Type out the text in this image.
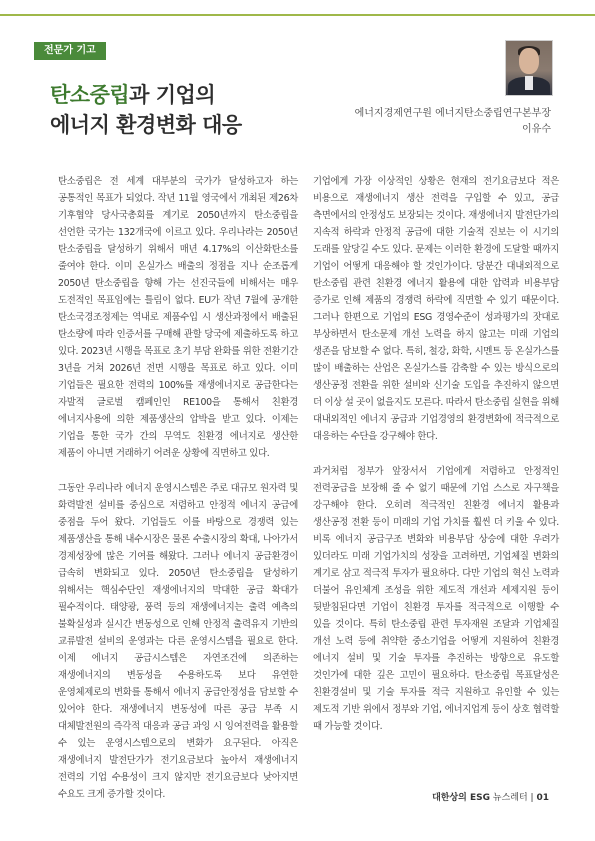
전문가 기고
탄소중립과 기업의
에너지 환경변화 대응	에너지경제연구원 에너지탄소중립연구본부장

이유수

탄소중립은 전 세계 대부분의 국가가 달성하고자 하는 공통적인 목표가 되었다. 작년 11월 영국에서 개최된 제26차 기후협약 당사국총회를 계기로 2050년까지 탄소중립을 선언한 국가는 132개국에 이르고 있다. 우리나라는 2050년 탄소중립을 달성하기 위해서 매년 4.17%의 이산화탄소를 줄여야 한다. 이미 온실가스 배출의 정점을 지나 순조롭게 2050년 탄소중립을 향해 가는 선진국들에 비해서는 매우 도전적인 목표임에는 틀림이 없다. EU가 작년 7월에 공개한 탄소국경조정제는 역내로 제품수입 시 생산과정에서 배출된 탄소량에 따라 인증서를 구매해 관할 당국에 제출하도록 하고 있다. 2023년 시행을 목표로 초기 부담 완화를 위한 전환기간 3년을 거쳐 2026년 전면 시행을 목표로 하고 있다. 이미 기업들은 필요한 전력의 100%를 재생에너지로 공급한다는 자발적 글로벌 캠페인인 RE100을 통해서 친환경 에너지사용에 의한 제품생산의 압박을 받고 있다. 이제는 기업을 통한 국가 간의 무역도 친환경 에너지로 생산한 제품이 아니면 거래하기 어려운 상황에 직면하고 있다.

그동안 우리나라 에너지 운영시스템은 주로 대규모 원자력 및 화력발전 설비를 중심으로 저렴하고 안정적 에너지 공급에 중점을 두어 왔다. 기업들도 이를 바탕으로 경쟁력 있는 제품생산을 통해 내수시장은 물론 수출시장의 확대, 나아가서 경제성장에 많은 기여를 해왔다. 그러나 에너지 공급환경이 급속히 변화되고 있다. 2050년 탄소중립을 달성하기 위해서는 핵심수단인 재생에너지의 막대한 공급 확대가 필수적이다. 태양광, 풍력 등의 재생에너지는 출력 예측의 불확실성과 실시간 변동성으로 인해 안정적 출력유지 기반의 교류발전 설비의 운영과는 다른 운영시스템을 필요로 한다. 이제 에너지 공급시스템은 자연조건에 의존하는 재생에너지의 변동성을 수용하도록 보다 유연한 운영체제로의 변화를 통해서 에너지 공급안정성을 담보할 수 있어야 한다. 재생에너지 변동성에 따른 공급 부족 시 대체발전원의 즉각적 대응과 공급 과잉 시 잉여전력을 활용할 수 있는 운영시스템으로의 변화가 요구된다. 아직은 재생에너지 발전단가가 전기요금보다 높아서 재생에너지 전력의 기업 수용성이 크지 않지만 전기요금보다 낮아지면 수요도 크게 증가할 것이다.

기업에게 가장 이상적인 상황은 현재의 전기요금보다 적은 비용으로 재생에너지 생산 전력을 구입할 수 있고, 공급 측면에서의 안정성도 보장되는 것이다. 재생에너지 발전단가의 지속적 하락과 안정적 공급에 대한 기술적 진보는 이 시기의 도래를 앞당길 수도 있다. 문제는 이러한 환경에 도달할 때까지 기업이 어떻게 대응해야 할 것인가이다. 당분간 대내외적으로 탄소중립 관련 친환경 에너지 활용에 대한 압력과 비용부담 증가로 인해 제품의 경쟁력 하락에 직면할 수 있기 때문이다. 그러나 한편으로 기업의 ESG 경영수준이 성과평가의 잣대로 부상하면서 탄소문제 개선 노력을 하지 않고는 미래 기업의 생존을 담보할 수 없다. 특히, 철강, 화학, 시멘트 등 온실가스를 많이 배출하는 산업은 온실가스를 감축할 수 있는 방식으로의 생산공정 전환을 위한 설비와 신기술 도입을 추진하지 않으면 더 이상 설 곳이 없을지도 모른다. 따라서 탄소중립 실현을 위해 대내외적인 에너지 공급과 기업경영의 환경변화에 적극적으로 대응하는 수단을 강구해야 한다.

과거처럼 정부가 앞장서서 기업에게 저렴하고 안정적인 전력공급을 보장해 줄 수 없기 때문에 기업 스스로 자구책을 강구해야 한다. 오히려 적극적인 친환경 에너지 활용과 생산공정 전환 등이 미래의 기업 가치를 훨씬 더 키울 수 있다. 비록 에너지 공급구조 변화와 비용부담 상승에 대한 우려가 있더라도 미래 기업가치의 성장을 고려하면, 기업체질 변화의 계기로 삼고 적극적 투자가 필요하다. 다만 기업의 혁신 노력과 더불어 유인체계 조성을 위한 제도적 개선과 세제지원 등이 뒷받침된다면 기업이 친환경 투자를 적극적으로 이행할 수 있을 것이다. 특히 탄소중립 관련 투자재원 조달과 기업체질 개선 노력 등에 취약한 중소기업을 어떻게 지원하여 친환경 에너지 설비 및 기술 투자를 추진하는 방향으로 유도할 것인가에 대한 깊은 고민이 필요하다. 탄소중립 목표달성은 친환경설비 및 기술 투자를 적극 지원하고 유인할 수 있는 제도적 기반 위에서 정부와 기업, 에너지업계 등이 상호 협력할 때 가능할 것이다.

대한상의 ESG 뉴스레터 | 01
